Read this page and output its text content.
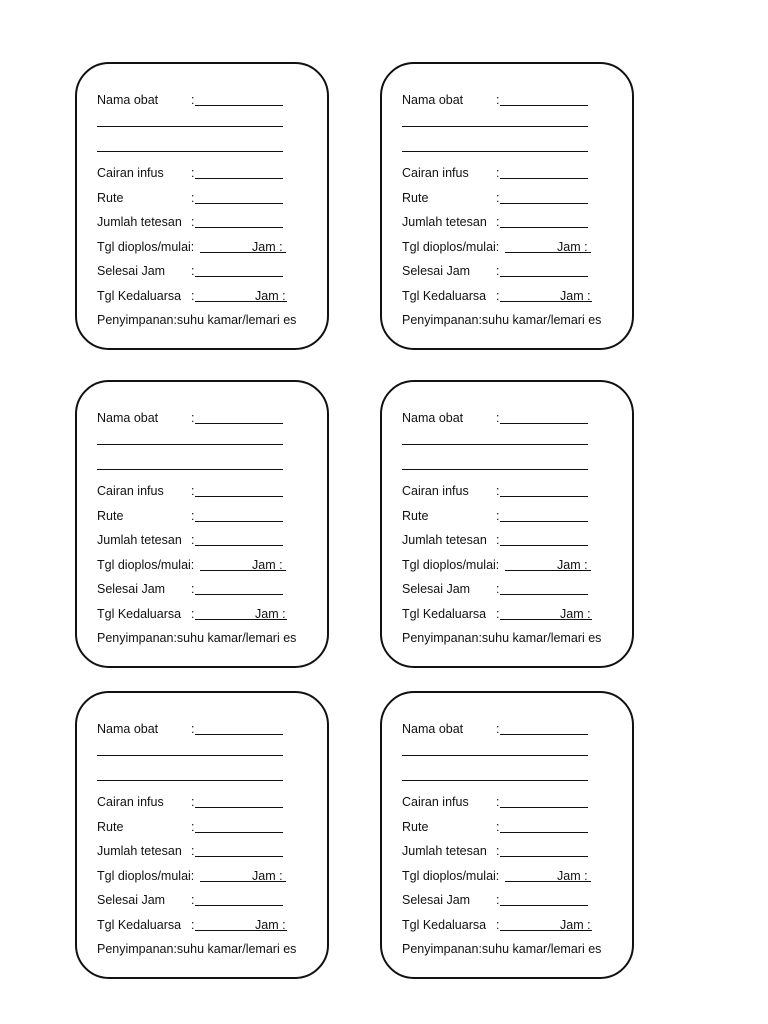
Nama obat	:
Cairan infus :
Rute	:
Jumlah tetesan :
Tgl dioplos/mulai:	Jam :
Selesai Jam :
Tgl Kedaluarsa :	Jam :
Penyimpanan:suhu kamar/lemari es
Nama obat	:
Cairan infus :
Rute	:
Jumlah tetesan :
Tgl dioplos/mulai:	Jam :
Selesai Jam :
Tgl Kedaluarsa :	Jam :
Penyimpanan:suhu kamar/lemari es
Nama obat	:
Cairan infus :
Rute	:
Jumlah tetesan :
Tgl dioplos/mulai:	Jam :
Selesai Jam :
Tgl Kedaluarsa :	Jam :
Penyimpanan:suhu kamar/lemari es
Nama obat	:
Cairan infus :
Rute	:
Jumlah tetesan :
Tgl dioplos/mulai:	Jam :
Selesai Jam :
Tgl Kedaluarsa :	Jam :
Penyimpanan:suhu kamar/lemari es
Nama obat	:
Cairan infus :
Rute	:
Jumlah tetesan :
Tgl dioplos/mulai:	Jam :
Selesai Jam :
Tgl Kedaluarsa :	Jam :
Penyimpanan:suhu kamar/lemari es
Nama obat	:
Cairan infus :
Rute	:
Jumlah tetesan :
Tgl dioplos/mulai:	Jam :
Selesai Jam :
Tgl Kedaluarsa :	Jam :
Penyimpanan:suhu kamar/lemari es
